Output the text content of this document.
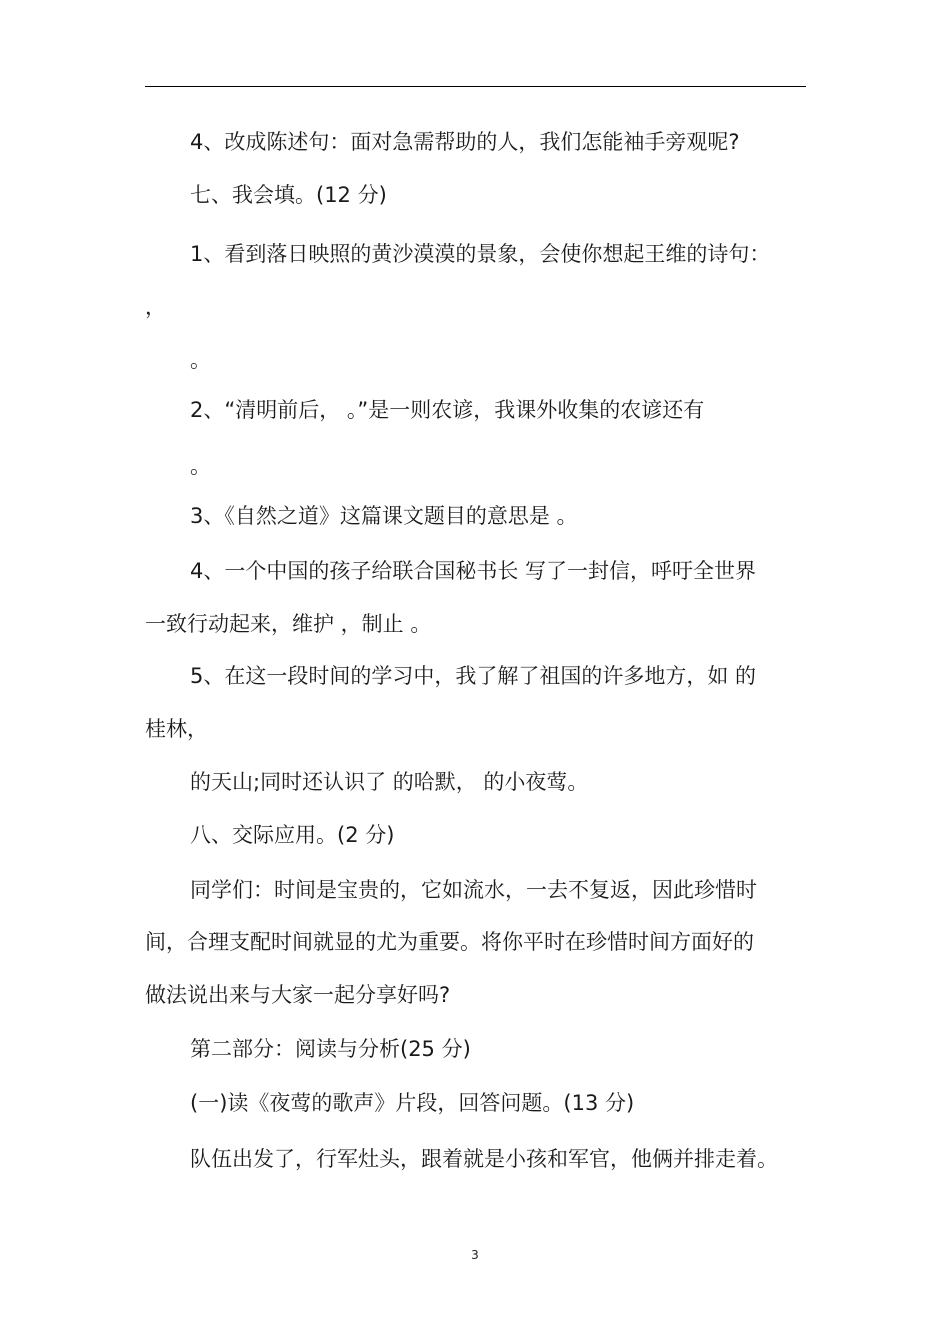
4、改成陈述句：面对急需帮助的人，我们怎能袖手旁观呢?
七、我会填。(12 分)
1、看到落日映照的黄沙漠漠的景象，会使你想起王维的诗句：
，
。
2、“清明前后， 。”是一则农谚，我课外收集的农谚还有
。
3、《自然之道》这篇课文题目的意思是 。
4、一个中国的孩子给联合国秘书长 写了一封信，呼吁全世界
一致行动起来，维护 ，制止 。
5、在这一段时间的学习中，我了解了祖国的许多地方，如 的
桂林，
的天山;同时还认识了 的哈默， 的小夜莺。
八、交际应用。(2 分)
同学们：时间是宝贵的，它如流水，一去不复返，因此珍惜时
间，合理支配时间就显的尤为重要。将你平时在珍惜时间方面好的
做法说出来与大家一起分享好吗?
第二部分：阅读与分析(25 分)
(一)读《夜莺的歌声》片段，回答问题。(13 分)
队伍出发了，行军灶头，跟着就是小孩和军官，他俩并排走着。
3
